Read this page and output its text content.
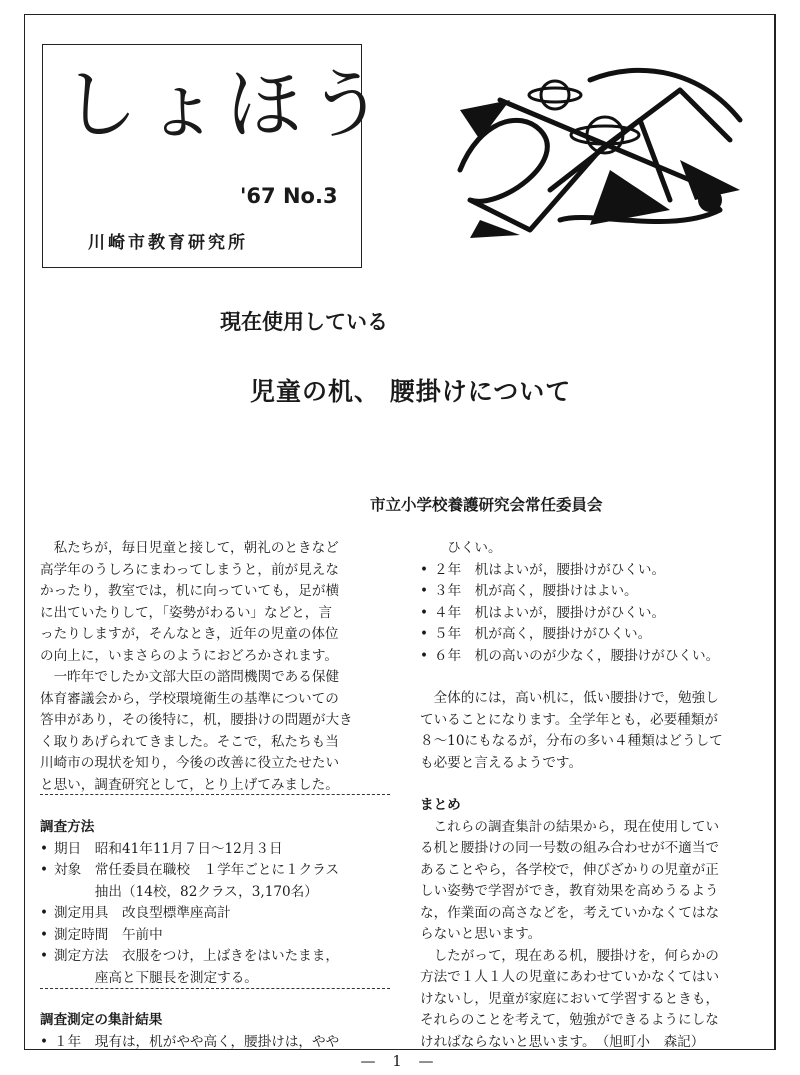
しょほう
'67 No.3
川崎市教育研究所
現在使用している
児童の机、 腰掛けについて
市立小学校養護研究会常任委員会

　私たちが，毎日児童と接して，朝礼のときなど

高学年のうしろにまわってしまうと，前が見えな

かったり，教室では，机に向っていても，足が横

に出ていたりして，「姿勢がわるい」などと，言

ったりしますが，そんなとき，近年の児童の体位

の向上に，いまさらのようにおどろかされます。

　一昨年でしたか文部大臣の諮問機関である保健

体育審議会から，学校環境衛生の基準についての

答申があり，その後特に，机，腰掛けの問題が大き

く取りあげられてきました。そこで，私たちも当

川崎市の現状を知り，今後の改善に役立たせたい

と思い，調査研究として，とり上げてみました。

調査方法

• 期日　昭和41年11月７日〜12月３日

• 対象　常任委員在職校　１学年ごとに１クラス

　　　抽出（14校，82クラス，3,170名）

• 測定用具　改良型標準座高計

• 測定時間　午前中

• 測定方法　衣服をつけ，上ばきをはいたまま，

　　　座高と下腿長を測定する。

調査測定の集計結果

• １年　現有は，机がやや高く，腰掛けは，やや

　　ひくい。

• ２年　机はよいが，腰掛けがひくい。

• ３年　机が高く，腰掛けはよい。

• ４年　机はよいが，腰掛けがひくい。

• ５年　机が高く，腰掛けがひくい。

• ６年　机の高いのが少なく，腰掛けがひくい。

　全体的には，高い机に，低い腰掛けで，勉強し

ていることになります。全学年とも，必要種類が

８〜10にもなるが，分布の多い４種類はどうして

も必要と言えるようです。

まとめ

　これらの調査集計の結果から，現在使用してい

る机と腰掛けの同一号数の組み合わせが不適当で

あることやら，各学校で，伸びざかりの児童が正

しい姿勢で学習ができ，教育効果を高めうるよう

な，作業面の高さなどを，考えていかなくてはな

らないと思います。

　したがって，現在ある机，腰掛けを，何らかの

方法で１人１人の児童にあわせていかなくてはい

けないし，児童が家庭において学習するときも，

それらのことを考えて，勉強ができるようにしな

ければならないと思います。　（旭町小　森記）

— 1 —
